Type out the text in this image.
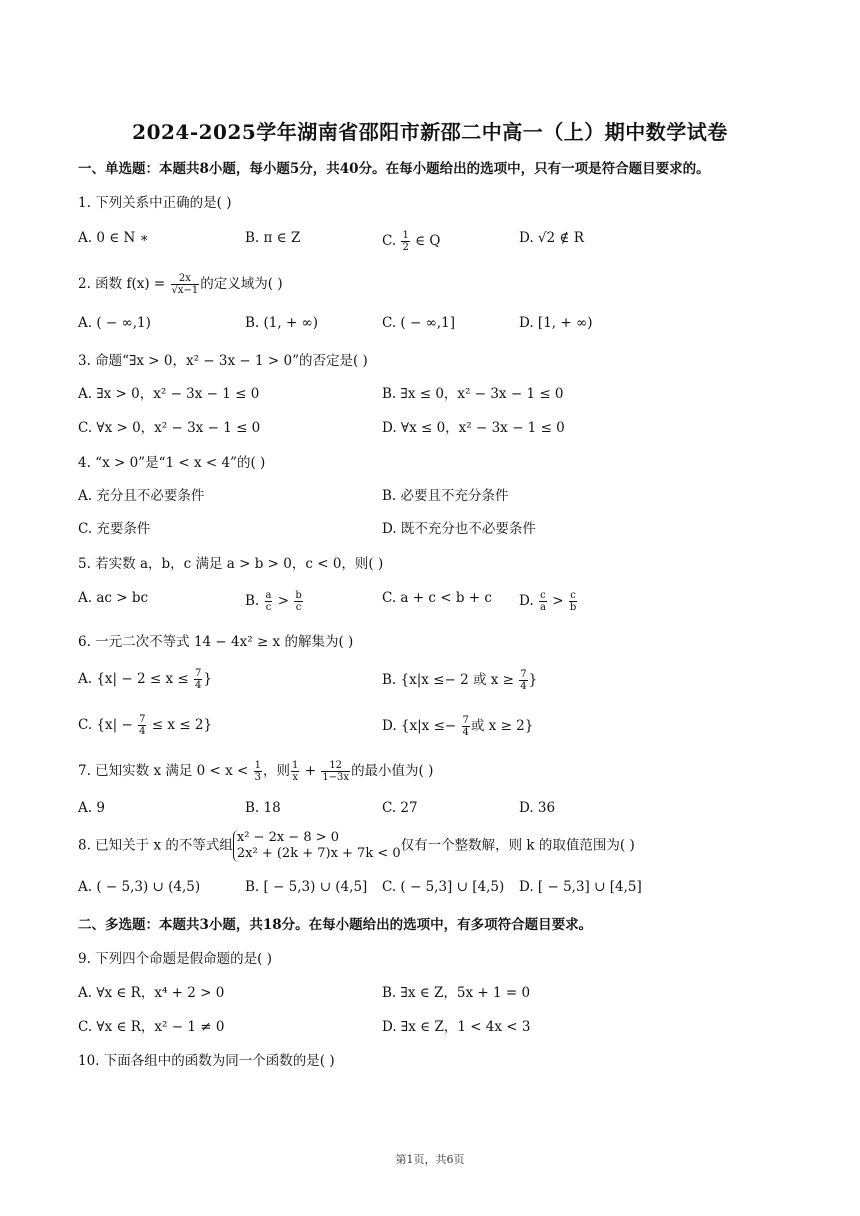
2024-2025学年湖南省邵阳市新邵二中高一（上）期中数学试卷
一、单选题：本题共8小题，每小题5分，共40分。在每小题给出的选项中，只有一项是符合题目要求的。
1. 下列关系中正确的是( )
A. 0 ∈ N ∗	B. π ∈ Z	C. $\frac{1}{2}$ ∈ Q	D. √2 ∉ R
2. 函数 $f(x) = \frac{2x}{√x-1}$ 的定义域为( )
A. ( − ∞,1)	B. (1, + ∞)	C. ( − ∞,1]	D. [1, + ∞)
3. 命题“∃x > 0，x² − 3x − 1 > 0”的否定是( )
A. ∃x > 0，x² − 3x − 1 ≤ 0	B. ∃x ≤ 0，x² − 3x − 1 ≤ 0
C. ∀x > 0，x² − 3x − 1 ≤ 0	D. ∀x ≤ 0，x² − 3x − 1 ≤ 0
4. “x > 0”是“1 < x < 4”的( )
A. 充分且不必要条件	B. 必要且不充分条件
C. 充要条件	D. 既不充分也不必要条件
5. 若实数 a，b，c 满足 a > b > 0，c < 0，则( )
A. ac > bc	B. $\frac{a}{c} > \frac{b}{c}$	C. a + c < b + c D. $\frac{c}{a} > \frac{c}{b}$
6. 一元二次不等式 14 − 4x² ≥ x 的解集为( )
A. {$x| - 2 \le x \le \frac{7}{4}$ }	B. {x|x ≤− 2 或 $x \ge \frac{7}{4}$ }
C. $\{x| - \frac{7}{4} \le x \le 2\}$	D. {$x|x \le- \frac{7}{4}$ 或 x ≥ 2}
7. 已知实数 x 满足 $0 < x < \frac{1}{3}$ ，则 $\frac{1}{x} + \frac{12}{1-3x}$ 的最小值为( )
A. 9	B. 18	C. 27	D. 36
8. 已知关于 x 的不等式组 x² − 2x − 8 > 0
2x² + (2k + 7)x + 7k < 0 仅有一个整数解，则 k 的取值范围为( )
A. ( − 5,3) ∪ (4,5)	B. [ − 5,3) ∪ (4,5] C. ( − 5,3] ∪ [4,5) D. [ − 5,3] ∪ [4,5]
二、多选题：本题共3小题，共18分。在每小题给出的选项中，有多项符合题目要求。
9. 下列四个命题是假命题的是( )
A. ∀x ∈ R，x⁴ + 2 > 0	B. ∃x ∈ Z，5x + 1 = 0
C. ∀x ∈ R，x² − 1 ≠ 0	D. ∃x ∈ Z，1 < 4x < 3
10. 下面各组中的函数为同一个函数的是( )
第1页，共6页
